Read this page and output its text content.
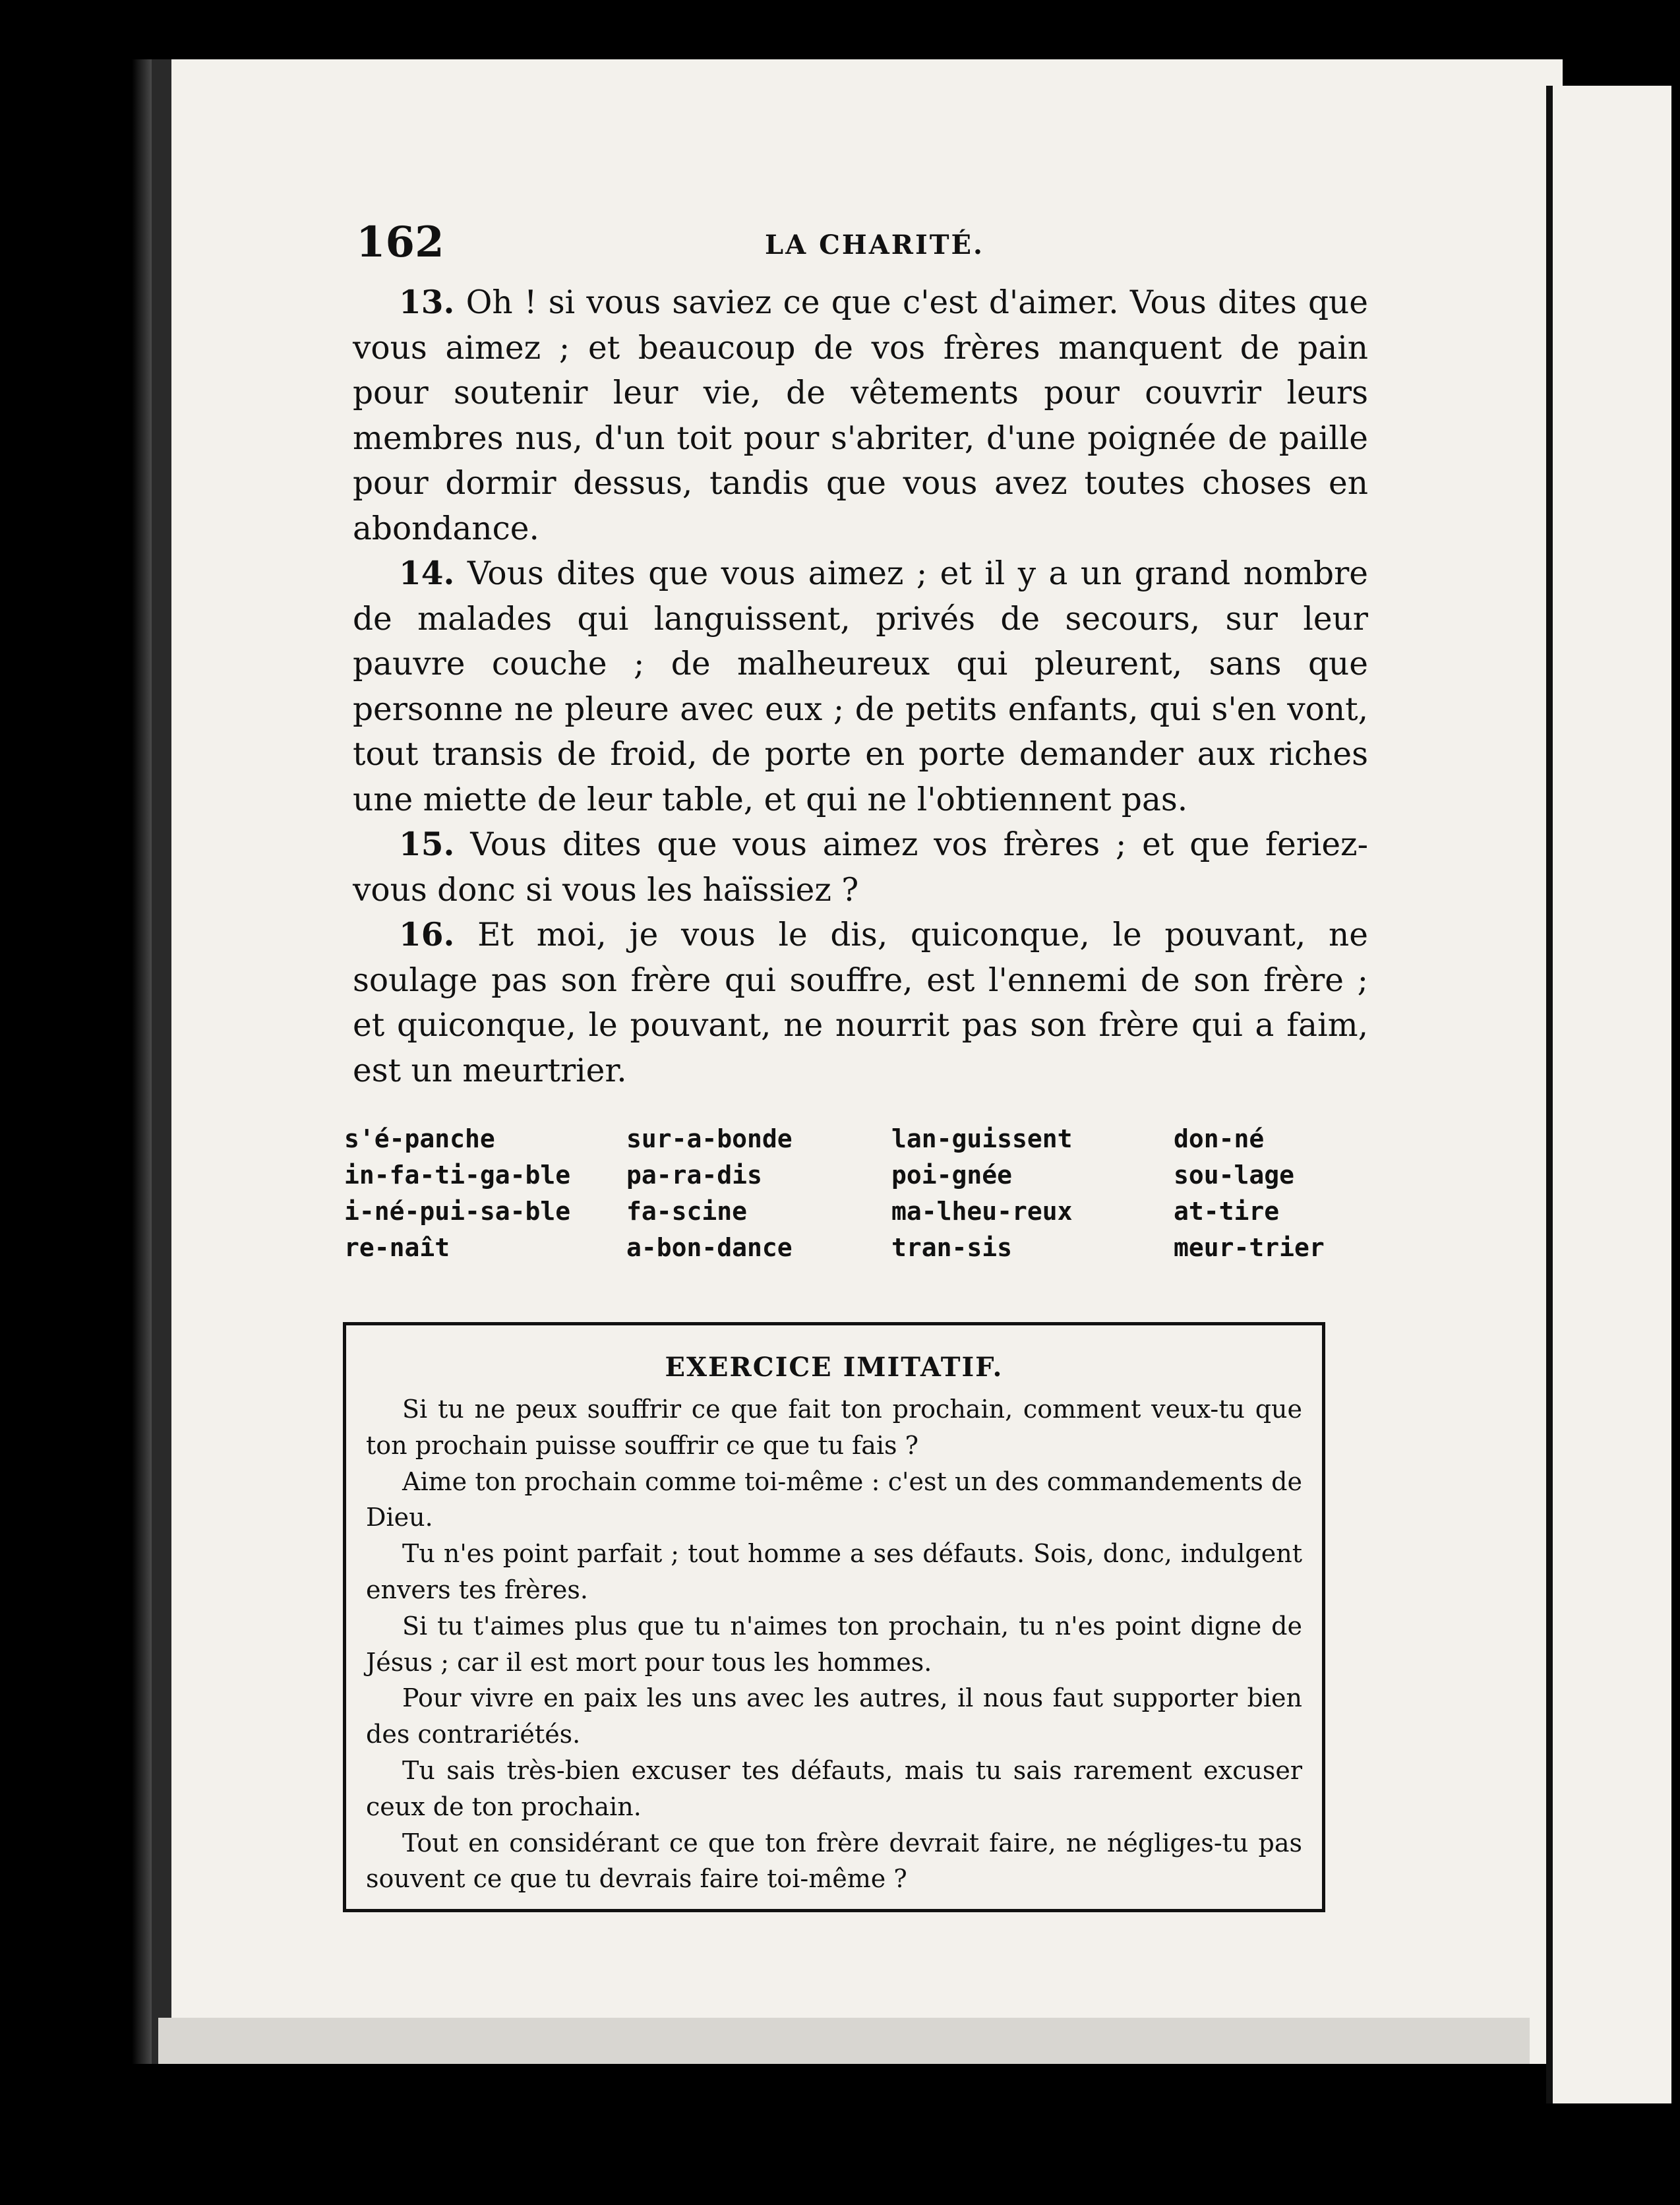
162	LA CHARITÉ.

13. Oh ! si vous saviez ce que c'est d'aimer. Vous dites que vous aimez ; et beaucoup de vos frères manquent de pain pour soutenir leur vie, de vêtements pour couvrir leurs membres nus, d'un toit pour s'abriter, d'une poignée de paille pour dormir dessus, tandis que vous avez toutes choses en abondance.

14. Vous dites que vous aimez ; et il y a un grand nombre de malades qui languissent, privés de secours, sur leur pauvre couche ; de malheureux qui pleurent, sans que personne ne pleure avec eux ; de petits enfants, qui s'en vont, tout transis de froid, de porte en porte demander aux riches une miette de leur table, et qui ne l'obtiennent pas.

15. Vous dites que vous aimez vos frères ; et que feriez-vous donc si vous les haïssiez ?

16. Et moi, je vous le dis, quiconque, le pouvant, ne soulage pas son frère qui souffre, est l'ennemi de son frère ; et quiconque, le pouvant, ne nourrit pas son frère qui a faim, est un meurtrier.

s'é-panche
in-fa-ti-ga-ble
i-né-pui-sa-ble
re-naît
sur-a-bonde
pa-ra-dis
fa-scine
a-bon-dance
lan-guissent
poi-gnée
ma-lheu-reux
tran-sis
don-né
sou-lage
at-tire
meur-trier
EXERCICE IMITATIF.

Si tu ne peux souffrir ce que fait ton prochain, comment veux-tu que ton prochain puisse souffrir ce que tu fais ?

Aime ton prochain comme toi-même : c'est un des commandements de Dieu.

Tu n'es point parfait ; tout homme a ses défauts. Sois, donc, indulgent envers tes frères.

Si tu t'aimes plus que tu n'aimes ton prochain, tu n'es point digne de Jésus ; car il est mort pour tous les hommes.

Pour vivre en paix les uns avec les autres, il nous faut supporter bien des contrariétés.

Tu sais très-bien excuser tes défauts, mais tu sais rarement excuser ceux de ton prochain.

Tout en considérant ce que ton frère devrait faire, ne négliges-tu pas souvent ce que tu devrais faire toi-même ?
